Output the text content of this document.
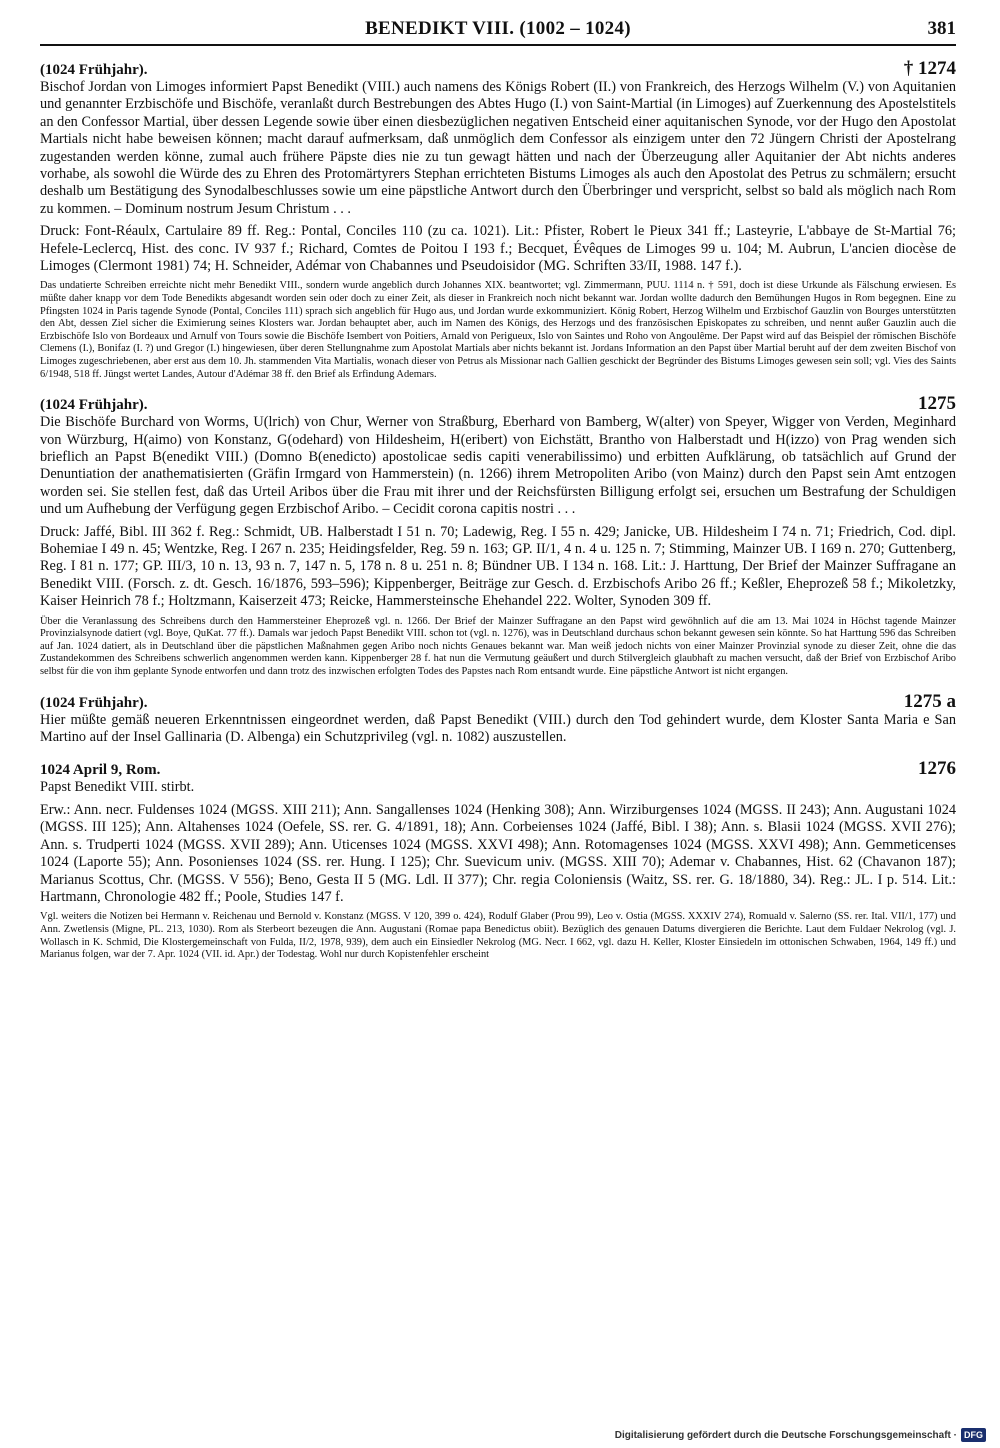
BENEDIKT VIII. (1002 – 1024)	381
(1024 Frühjahr).	† 1274

Bischof Jordan von Limoges informiert Papst Benedikt (VIII.) auch namens des Königs Robert (II.) von Frankreich, des Herzogs Wilhelm (V.) von Aquitanien und genannter Erzbischöfe und Bischöfe, veranlaßt durch Bestrebungen des Abtes Hugo (I.) von Saint-Martial (in Limoges) auf Zuerkennung des Apostelstitels an den Confessor Martial, über dessen Legende sowie über einen diesbezüglichen negativen Entscheid einer aquitanischen Synode, vor der Hugo den Apostolat Martials nicht habe beweisen können; macht darauf aufmerksam, daß unmöglich dem Confessor als einzigem unter den 72 Jüngern Christi der Apostelrang zugestanden werden könne, zumal auch frühere Päpste dies nie zu tun gewagt hätten und nach der Überzeugung aller Aquitanier der Abt nichts anderes vorhabe, als sowohl die Würde des zu Ehren des Protomärtyrers Stephan errichteten Bistums Limoges als auch den Apostolat des Petrus zu schmälern; ersucht deshalb um Bestätigung des Synodalbeschlusses sowie um eine päpstliche Antwort durch den Überbringer und verspricht, selbst so bald als möglich nach Rom zu kommen. – Dominum nostrum Jesum Christum . . .

Druck: Font-Réaulx, Cartulaire 89 ff. Reg.: Pontal, Conciles 110 (zu ca. 1021). Lit.: Pfister, Robert le Pieux 341 ff.; Lasteyrie, L'abbaye de St-Martial 76; Hefele-Leclercq, Hist. des conc. IV 937 f.; Richard, Comtes de Poitou I 193 f.; Becquet, Évêques de Limoges 99 u. 104; M. Aubrun, L'ancien diocèse de Limoges (Clermont 1981) 74; H. Schneider, Adémar von Chabannes und Pseudoisidor (MG. Schriften 33/II, 1988. 147 f.).

Das undatierte Schreiben erreichte nicht mehr Benedikt VIII., sondern wurde angeblich durch Johannes XIX. beantwortet; vgl. Zimmermann, PUU. 1114 n. † 591, doch ist diese Urkunde als Fälschung erwiesen. Es müßte daher knapp vor dem Tode Benedikts abgesandt worden sein oder doch zu einer Zeit, als dieser in Frankreich noch nicht bekannt war. Jordan wollte dadurch den Bemühungen Hugos in Rom begegnen. Eine zu Pfingsten 1024 in Paris tagende Synode (Pontal, Conciles 111) sprach sich angeblich für Hugo aus, und Jordan wurde exkommuniziert. König Robert, Herzog Wilhelm und Erzbischof Gauzlin von Bourges unterstützten den Abt, dessen Ziel sicher die Eximierung seines Klosters war. Jordan behauptet aber, auch im Namen des Königs, des Herzogs und des französischen Episkopates zu schreiben, und nennt außer Gauzlin auch die Erzbischöfe Islo von Bordeaux und Arnulf von Tours sowie die Bischöfe Isembert von Poitiers, Arnald von Perigueux, Islo von Saintes und Roho von Angoulême. Der Papst wird auf das Beispiel der römischen Bischöfe Clemens (I.), Bonifaz (I. ?) und Gregor (I.) hingewiesen, über deren Stellungnahme zum Apostolat Martials aber nichts bekannt ist. Jordans Information an den Papst über Martial beruht auf der dem zweiten Bischof von Limoges zugeschriebenen, aber erst aus dem 10. Jh. stammenden Vita Martialis, wonach dieser von Petrus als Missionar nach Gallien geschickt der Begründer des Bistums Limoges gewesen sein soll; vgl. Vies des Saints 6/1948, 518 ff. Jüngst wertet Landes, Autour d'Adémar 38 ff. den Brief als Erfindung Ademars.

(1024 Frühjahr).	1275

Die Bischöfe Burchard von Worms, U(lrich) von Chur, Werner von Straßburg, Eberhard von Bamberg, W(alter) von Speyer, Wigger von Verden, Meginhard von Würzburg, H(aimo) von Konstanz, G(odehard) von Hildesheim, H(eribert) von Eichstätt, Brantho von Halberstadt und H(izzo) von Prag wenden sich brieflich an Papst B(enedikt VIII.) (Domno B(enedicto) apostolicae sedis capiti venerabilissimo) und erbitten Aufklärung, ob tatsächlich auf Grund der Denuntiation der anathematisierten (Gräfin Irmgard von Hammerstein) (n. 1266) ihrem Metropoliten Aribo (von Mainz) durch den Papst sein Amt entzogen worden sei. Sie stellen fest, daß das Urteil Aribos über die Frau mit ihrer und der Reichsfürsten Billigung erfolgt sei, ersuchen um Bestrafung der Schuldigen und um Aufhebung der Verfügung gegen Erzbischof Aribo. – Cecidit corona capitis nostri . . .

Druck: Jaffé, Bibl. III 362 f. Reg.: Schmidt, UB. Halberstadt I 51 n. 70; Ladewig, Reg. I 55 n. 429; Janicke, UB. Hildesheim I 74 n. 71; Friedrich, Cod. dipl. Bohemiae I 49 n. 45; Wentzke, Reg. I 267 n. 235; Heidingsfelder, Reg. 59 n. 163; GP. II/1, 4 n. 4 u. 125 n. 7; Stimming, Mainzer UB. I 169 n. 270; Guttenberg, Reg. I 81 n. 177; GP. III/3, 10 n. 13, 93 n. 7, 147 n. 5, 178 n. 8 u. 251 n. 8; Bündner UB. I 134 n. 168. Lit.: J. Harttung, Der Brief der Mainzer Suffragane an Benedikt VIII. (Forsch. z. dt. Gesch. 16/1876, 593–596); Kippenberger, Beiträge zur Gesch. d. Erzbischofs Aribo 26 ff.; Keßler, Eheprozeß 58 f.; Mikoletzky, Kaiser Heinrich 78 f.; Holtzmann, Kaiserzeit 473; Reicke, Hammersteinsche Ehehandel 222. Wolter, Synoden 309 ff.

Über die Veranlassung des Schreibens durch den Hammersteiner Eheprozeß vgl. n. 1266. Der Brief der Mainzer Suffragane an den Papst wird gewöhnlich auf die am 13. Mai 1024 in Höchst tagende Mainzer Provinzialsynode datiert (vgl. Boye, QuKat. 77 ff.). Damals war jedoch Papst Benedikt VIII. schon tot (vgl. n. 1276), was in Deutschland durchaus schon bekannt gewesen sein könnte. So hat Harttung 596 das Schreiben auf Jan. 1024 datiert, als in Deutschland über die päpstlichen Maßnahmen gegen Aribo noch nichts Genaues bekannt war. Man weiß jedoch nichts von einer Mainzer Provinzial synode zu dieser Zeit, ohne die das Zustandekommen des Schreibens schwerlich angenommen werden kann. Kippenberger 28 f. hat nun die Vermutung geäußert und durch Stilvergleich glaubhaft zu machen versucht, daß der Brief von Erzbischof Aribo selbst für die von ihm geplante Synode entworfen und dann trotz des inzwischen erfolgten Todes des Papstes nach Rom entsandt wurde. Eine päpstliche Antwort ist nicht ergangen.

(1024 Frühjahr).	1275 a

Hier müßte gemäß neueren Erkenntnissen eingeordnet werden, daß Papst Benedikt (VIII.) durch den Tod gehindert wurde, dem Kloster Santa Maria e San Martino auf der Insel Gallinaria (D. Albenga) ein Schutzprivileg (vgl. n. 1082) auszustellen.

1024 April 9, Rom.	1276

Papst Benedikt VIII. stirbt.

Erw.: Ann. necr. Fuldenses 1024 (MGSS. XIII 211); Ann. Sangallenses 1024 (Henking 308); Ann. Wirziburgenses 1024 (MGSS. II 243); Ann. Augustani 1024 (MGSS. III 125); Ann. Altahenses 1024 (Oefele, SS. rer. G. 4/1891, 18); Ann. Corbeienses 1024 (Jaffé, Bibl. I 38); Ann. s. Blasii 1024 (MGSS. XVII 276); Ann. s. Trudperti 1024 (MGSS. XVII 289); Ann. Uticenses 1024 (MGSS. XXVI 498); Ann. Rotomagenses 1024 (MGSS. XXVI 498); Ann. Gemmeticenses 1024 (Laporte 55); Ann. Posonienses 1024 (SS. rer. Hung. I 125); Chr. Suevicum univ. (MGSS. XIII 70); Ademar v. Chabannes, Hist. 62 (Chavanon 187); Marianus Scottus, Chr. (MGSS. V 556); Beno, Gesta II 5 (MG. Ldl. II 377); Chr. regia Coloniensis (Waitz, SS. rer. G. 18/1880, 34). Reg.: JL. I p. 514. Lit.: Hartmann, Chronologie 482 ff.; Poole, Studies 147 f.

Vgl. weiters die Notizen bei Hermann v. Reichenau und Bernold v. Konstanz (MGSS. V 120, 399 o. 424), Rodulf Glaber (Prou 99), Leo v. Ostia (MGSS. XXXIV 274), Romuald v. Salerno (SS. rer. Ital. VII/1, 177) und Ann. Zwetlensis (Migne, PL. 213, 1030). Rom als Sterbeort bezeugen die Ann. Augustani (Romae papa Benedictus obiit). Bezüglich des genauen Datums divergieren die Berichte. Laut dem Fuldaer Nekrolog (vgl. J. Wollasch in K. Schmid, Die Klostergemeinschaft von Fulda, II/2, 1978, 939), dem auch ein Einsiedler Nekrolog (MG. Necr. I 662, vgl. dazu H. Keller, Kloster Einsiedeln im ottonischen Schwaben, 1964, 149 ff.) und Marianus folgen, war der 7. Apr. 1024 (VII. id. Apr.) der Todestag. Wohl nur durch Kopistenfehler erscheint

Digitalisierung gefördert durch die Deutsche Forschungsgemeinschaft · DFG
